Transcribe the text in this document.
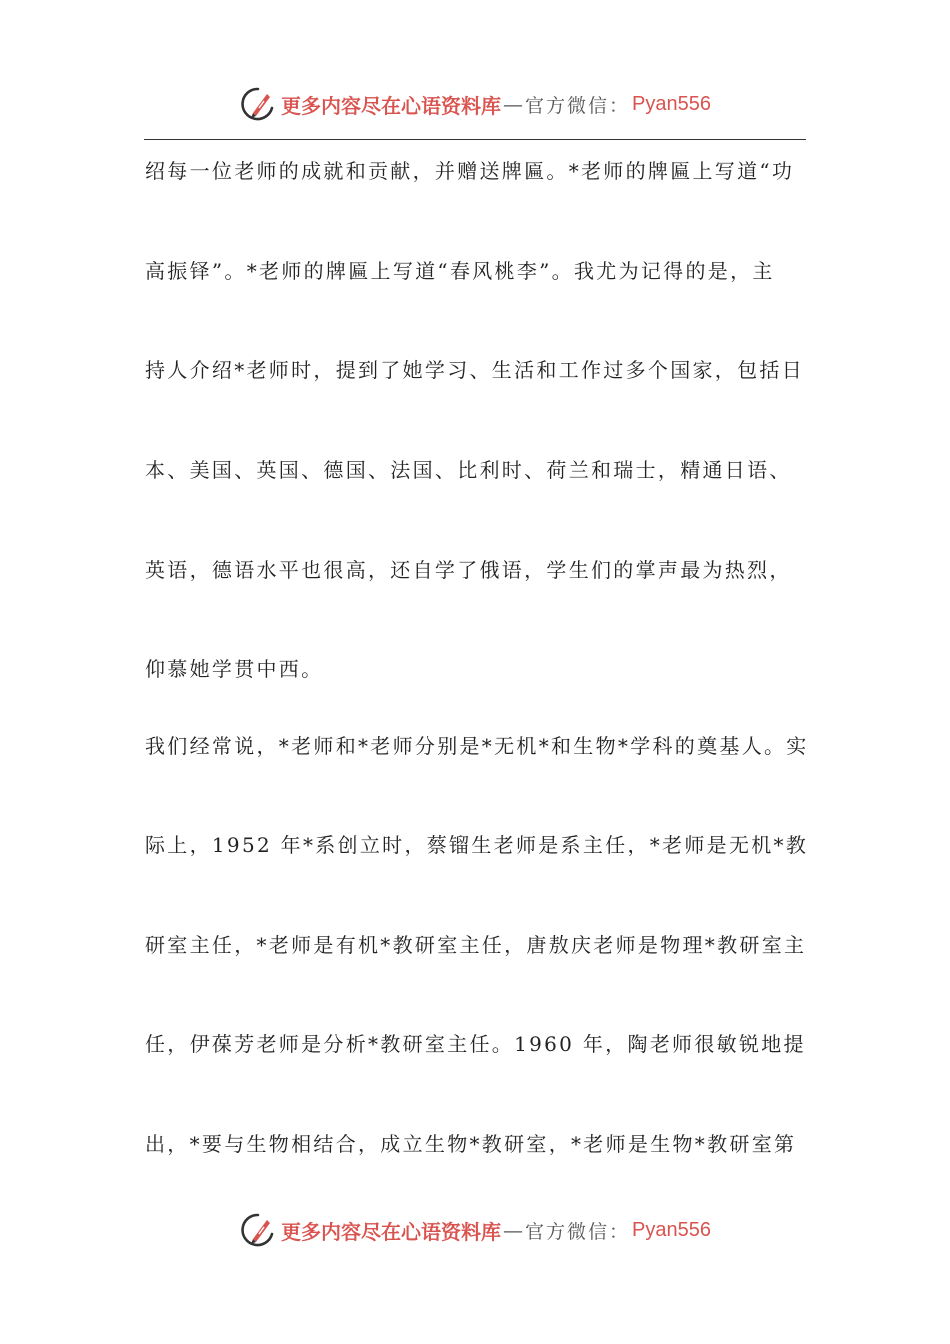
更多内容尽在心语资料库 — 官方微信： Pyan556
绍每一位老师的成就和贡献，并赠送牌匾。*老师的牌匾上写道“功
高振铎”。*老师的牌匾上写道“春风桃李”。我尤为记得的是，主
持人介绍*老师时，提到了她学习、生活和工作过多个国家，包括日
本、美国、英国、德国、法国、比利时、荷兰和瑞士，精通日语、
英语，德语水平也很高，还自学了俄语，学生们的掌声最为热烈，
仰慕她学贯中西。
我们经常说，*老师和*老师分别是*无机*和生物*学科的奠基人。实
际上，1952 年*系创立时，蔡镏生老师是系主任，*老师是无机*教
研室主任，*老师是有机*教研室主任，唐敖庆老师是物理*教研室主
任，伊葆芳老师是分析*教研室主任。1960 年，陶老师很敏锐地提
出，*要与生物相结合，成立生物*教研室，*老师是生物*教研室第
更多内容尽在心语资料库 — 官方微信： Pyan556
